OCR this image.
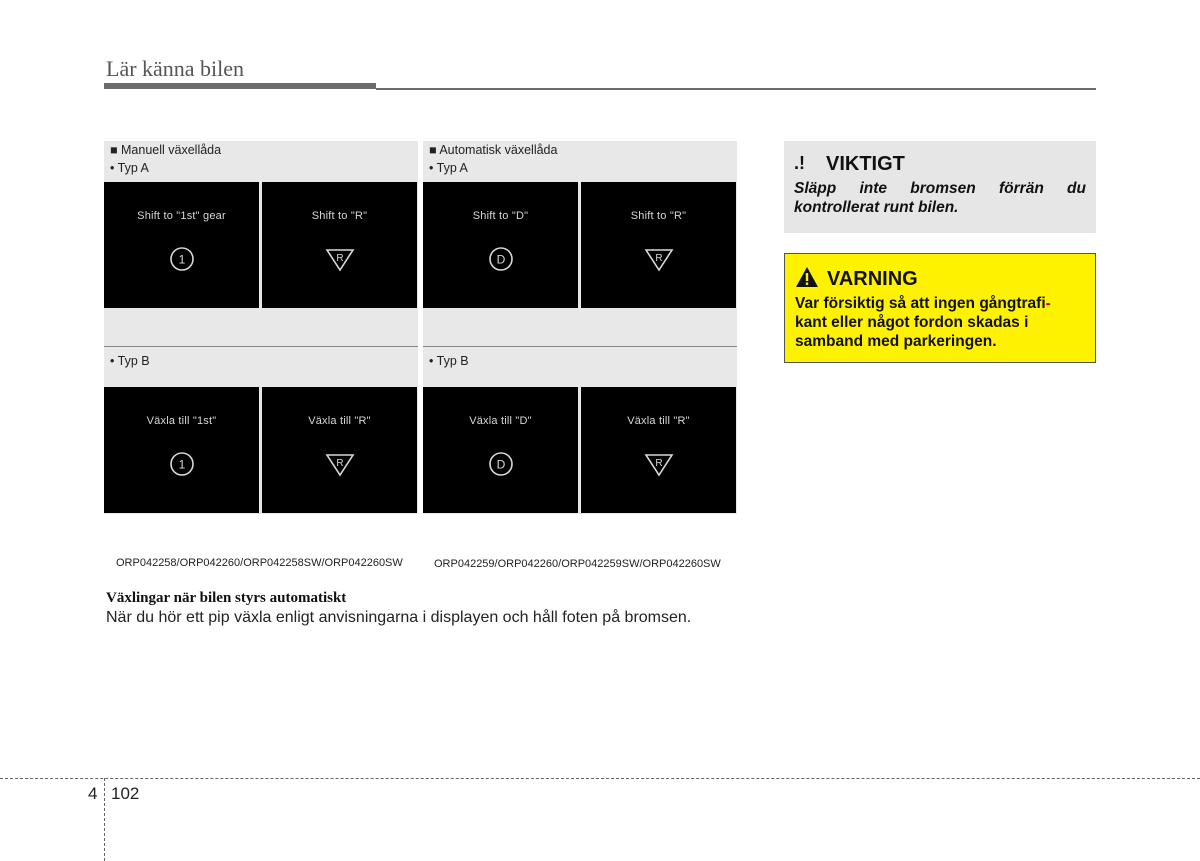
Lär känna bilen
■ Manuell växellåda
• Typ A
• Typ B
Shift to "1st" gear
1
Shift to "R"
R
Växla till "1st"
1
Växla till "R"
R
ORP042258/ORP042260/ORP042258SW/ORP042260SW
■ Automatisk växellåda
• Typ A
• Typ B
Shift to "D"
D
Shift to "R"
R
Växla till "D"
D
Växla till "R"
R
ORP042259/ORP042260/ORP042259SW/ORP042260SW
Växlingar när bilen styrs automatiskt
När du hör ett pip växla enligt anvisningarna i displayen och håll foten på bromsen.
.! VIKTIGT
Släpp inte bromsen förrän du kontrollerat runt bilen.
VARNING
Var försiktig så att ingen gångtrafi-
kant eller något fordon skadas i samband med parkeringen.
4 102
